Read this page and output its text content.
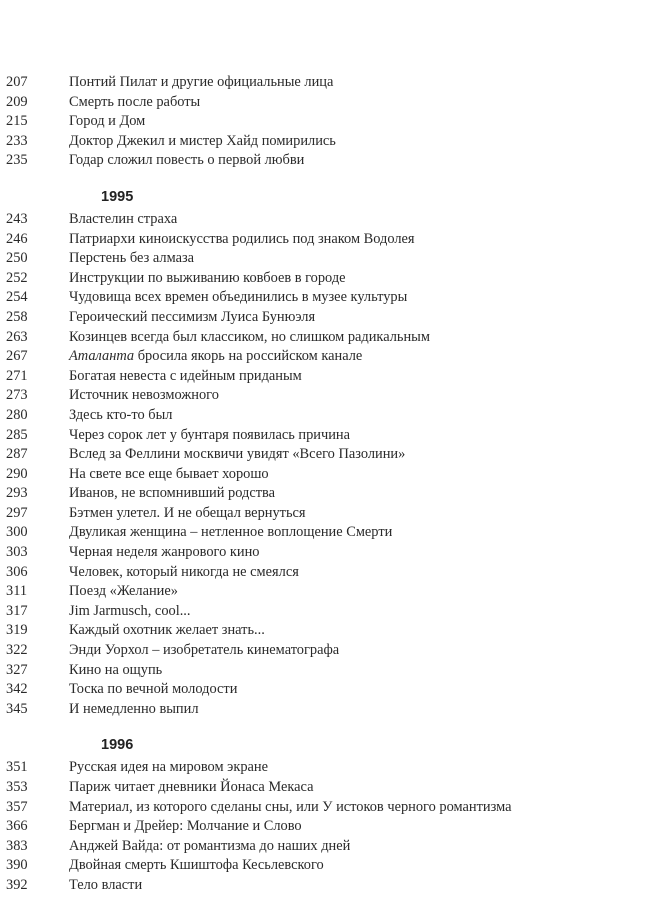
207	Понтий Пилат и другие официальные лица
209	Смерть после работы
215	Город и Дом
233	Доктор Джекил и мистер Хайд помирились
235	Годар сложил повесть о первой любви
1995
243	Властелин страха
246	Патриархи киноискусства родились под знаком Водолея
250	Перстень без алмаза
252	Инструкции по выживанию ковбоев в городе
254	Чудовища всех времен объединились в музее культуры
258	Героический пессимизм Луиса Бунюэля
263	Козинцев всегда был классиком, но слишком радикальным
267	Аталанта бросила якорь на российском канале
271	Богатая невеста с идейным приданым
273	Источник невозможного
280	Здесь кто-то был
285	Через сорок лет у бунтаря появилась причина
287	Вслед за Феллини москвичи увидят «Всего Пазолини»
290	На свете все еще бывает хорошо
293	Иванов, не вспомнивший родства
297	Бэтмен улетел. И не обещал вернуться
300	Двуликая женщина – нетленное воплощение Смерти
303	Черная неделя жанрового кино
306	Человек, который никогда не смеялся
311	Поезд «Желание»
317	Jim Jarmusch, cool...
319	Каждый охотник желает знать...
322	Энди Уорхол – изобретатель кинематографа
327	Кино на ощупь
342	Тоска по вечной молодости
345	И немедленно выпил
1996
351	Русская идея на мировом экране
353	Париж читает дневники Йонаса Мекаса
357	Материал, из которого сделаны сны, или У истоков черного романтизма
366	Бергман и Дрейер: Молчание и Слово
383	Анджей Вайда: от романтизма до наших дней
390	Двойная смерть Кшиштофа Кесьлевского
392	Тело власти
